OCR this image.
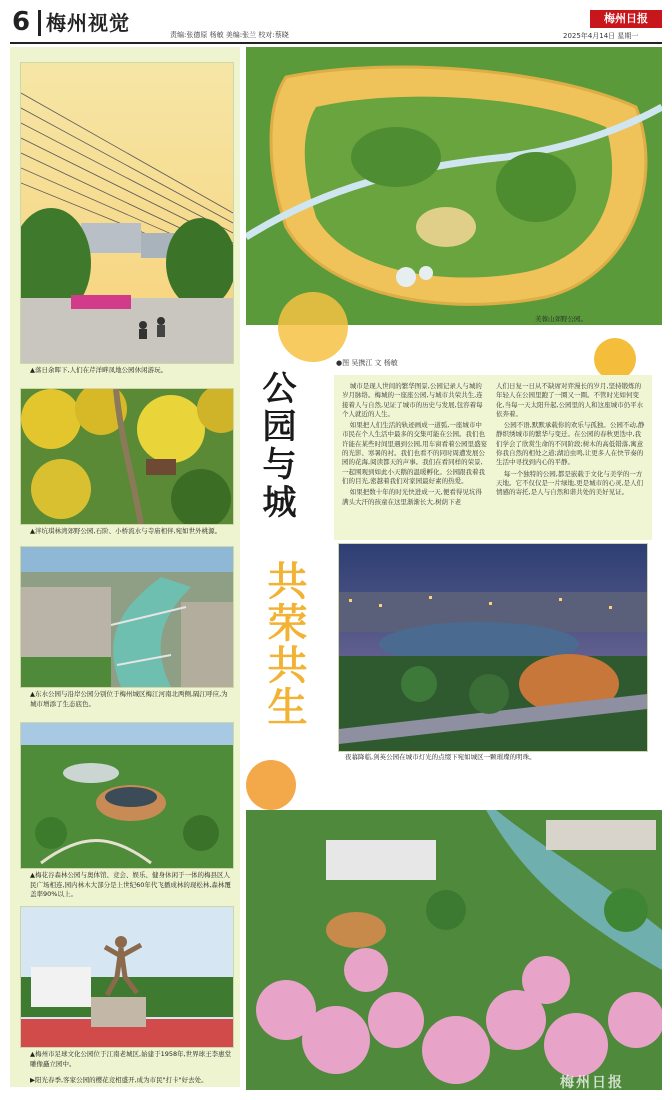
6 梅州视觉	责编:张德原 杨敏 美编:张兰 校对:蔡晓
梅州日报
2025年4月14日 星期一
▲落日余晖下,人们在芹洋畔凤地公园休闲游玩。
▲泮坑琪林湾郊野公园,石阶、小桥流水与寺庙相伴,宛如世外桃源。
▲东水公园与沿岸公园分别位于梅州城区梅江河南北两侧,隔江呼应,为城市增添了生态底色。
▲梅花谷森林公园与奥体馆、竞会、娱乐、健身休闲于一体的梅县区人民广场相连,园内林木大部分是上世纪60年代飞播成林的现松林,森林覆盖率90%以上。
▲梅州市足球文化公园位于江南老城区,始建于1958年,世界球王李惠堂雕像矗立园中。
▶阳光春季,客家公园的樱花竞相盛开,成为市民"打卡"好去处。
芙蓉山郊野公园。
公园与城
共荣共生
●图 吴携江 文 杨敏

城市是现人世间的繁华图景,公园记录人与城的岁月脉络。梅城的一座座公园,与城市共荣共生,连接着人与自然,见证了城市的历史与发展,包容着每个人就近的人生。

如果把人们生活的轨迹画成一道弧,一座城市中市民在个人生活中最多的交集可能在公园。我们也许能在某些时间里遇到公园,用车窗看着公园里盛宴的光影、寒暑的衬。我们也看不的同时周遭发展公园的花海,阅读都天的声事。我们在看同样的荣景,一起围观到如此小天鹅的温暖孵化。公园跟我着我们的目光,密越着我们对家园最好素的热爱。

如果把数十年的时光快进成一天,便看得见坑得满头大汗的孩童在这里渐渐长大,树荫下老

人们日复一日从不缺席对弈漫长的岁月,坚持锻炼的年轻人在公园里跑了一圈又一圈。不管时光如何变化,当每一天太阳升起,公园里的人和这座城市仍平水依奔着。

公园不语,默默承载你的欢乐与孤独。公园不动,静静织绣城市的繁华与变迁。在公园的春秋更迭中,我们学会了欣赏生命的不同阶段;树木的高低错落,寓意你我自然的相处之道;湖泊虫鸣,让更多人在快节奏的生活中寻找到内心的平静。

每一个独特的公园,都是嵌载于文化与美学的一方天地。它不仅仅是一片绿地,更是城市的心灵,是人们情感的寄托,是人与自然和谐共处的美好见证。

夜幕降临,剑英公园在城市灯光的点缀下宛如城区一颗璀璨的明珠。
梅州日报
